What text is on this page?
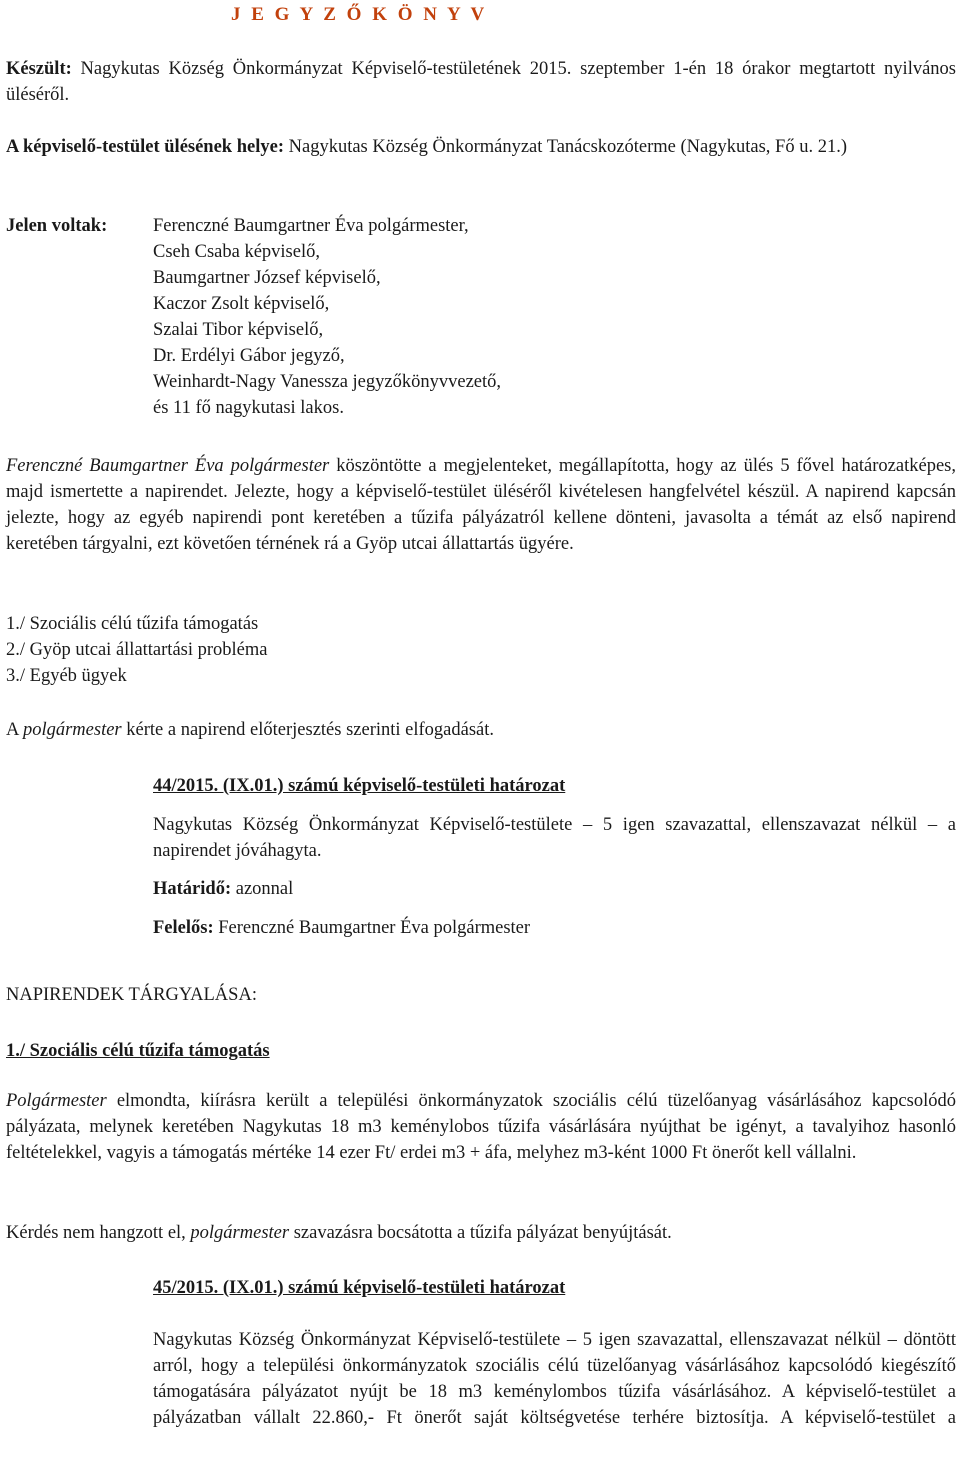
J E G Y Z Ő K Ö N Y V
Készült: Nagykutas Község Önkormányzat Képviselő-testületének 2015. szeptember 1-én 18 órakor megtartott nyilvános üléséről.
A képviselő-testület ülésének helye: Nagykutas Község Önkormányzat Tanácskozóterme (Nagykutas, Fő u. 21.)
Jelen voltak: Ferenczné Baumgartner Éva polgármester,
Cseh Csaba képviselő,
Baumgartner József képviselő,
Kaczor Zsolt képviselő,
Szalai Tibor képviselő,
Dr. Erdélyi Gábor jegyző,
Weinhardt-Nagy Vanessza jegyzőkönyvvezető,
és 11 fő nagykutasi lakos.
Ferenczné Baumgartner Éva polgármester köszöntötte a megjelenteket, megállapította, hogy az ülés 5 fővel határozatképes, majd ismertette a napirendet. Jelezte, hogy a képviselő-testület üléséről kivételesen hangfelvétel készül. A napirend kapcsán jelezte, hogy az egyéb napirendi pont keretében a tűzifa pályázatról kellene dönteni, javasolta a témát az első napirend keretében tárgyalni, ezt követően térnének rá a Gyöp utcai állattartás ügyére.
1./ Szociális célú tűzifa támogatás
2./ Gyöp utcai állattartási probléma
3./ Egyéb ügyek
A polgármester kérte a napirend előterjesztés szerinti elfogadását.
44/2015. (IX.01.) számú képviselő-testületi határozat
Nagykutas Község Önkormányzat Képviselő-testülete – 5 igen szavazattal, ellenszavazat nélkül – a napirendet jóváhagyta.
Határidő: azonnal
Felelős: Ferenczné Baumgartner Éva polgármester
NAPIRENDEK TÁRGYALÁSA:
1./ Szociális célú tűzifa támogatás
Polgármester elmondta, kiírásra került a települési önkormányzatok szociális célú tüzelőanyag vásárlásához kapcsolódó pályázata, melynek keretében Nagykutas 18 m3 keménylobos tűzifa vásárlására nyújthat be igényt, a tavalyihoz hasonló feltételekkel, vagyis a támogatás mértéke 14 ezer Ft/ erdei m3 + áfa, melyhez m3-ként 1000 Ft önerőt kell vállalni.
Kérdés nem hangzott el, polgármester szavazásra bocsátotta a tűzifa pályázat benyújtását.
45/2015. (IX.01.) számú képviselő-testületi határozat
Nagykutas Község Önkormányzat Képviselő-testülete – 5 igen szavazattal, ellenszavazat nélkül – döntött arról, hogy a települési önkormányzatok szociális célú tüzelőanyag vásárlásához kapcsolódó kiegészítő támogatására pályázatot nyújt be 18 m3 keménylombos tűzifa vásárlásához. A képviselő-testület a pályázatban vállalt 22.860,- Ft önerőt saját költségvetése terhére biztosítja. A képviselő-testület a
